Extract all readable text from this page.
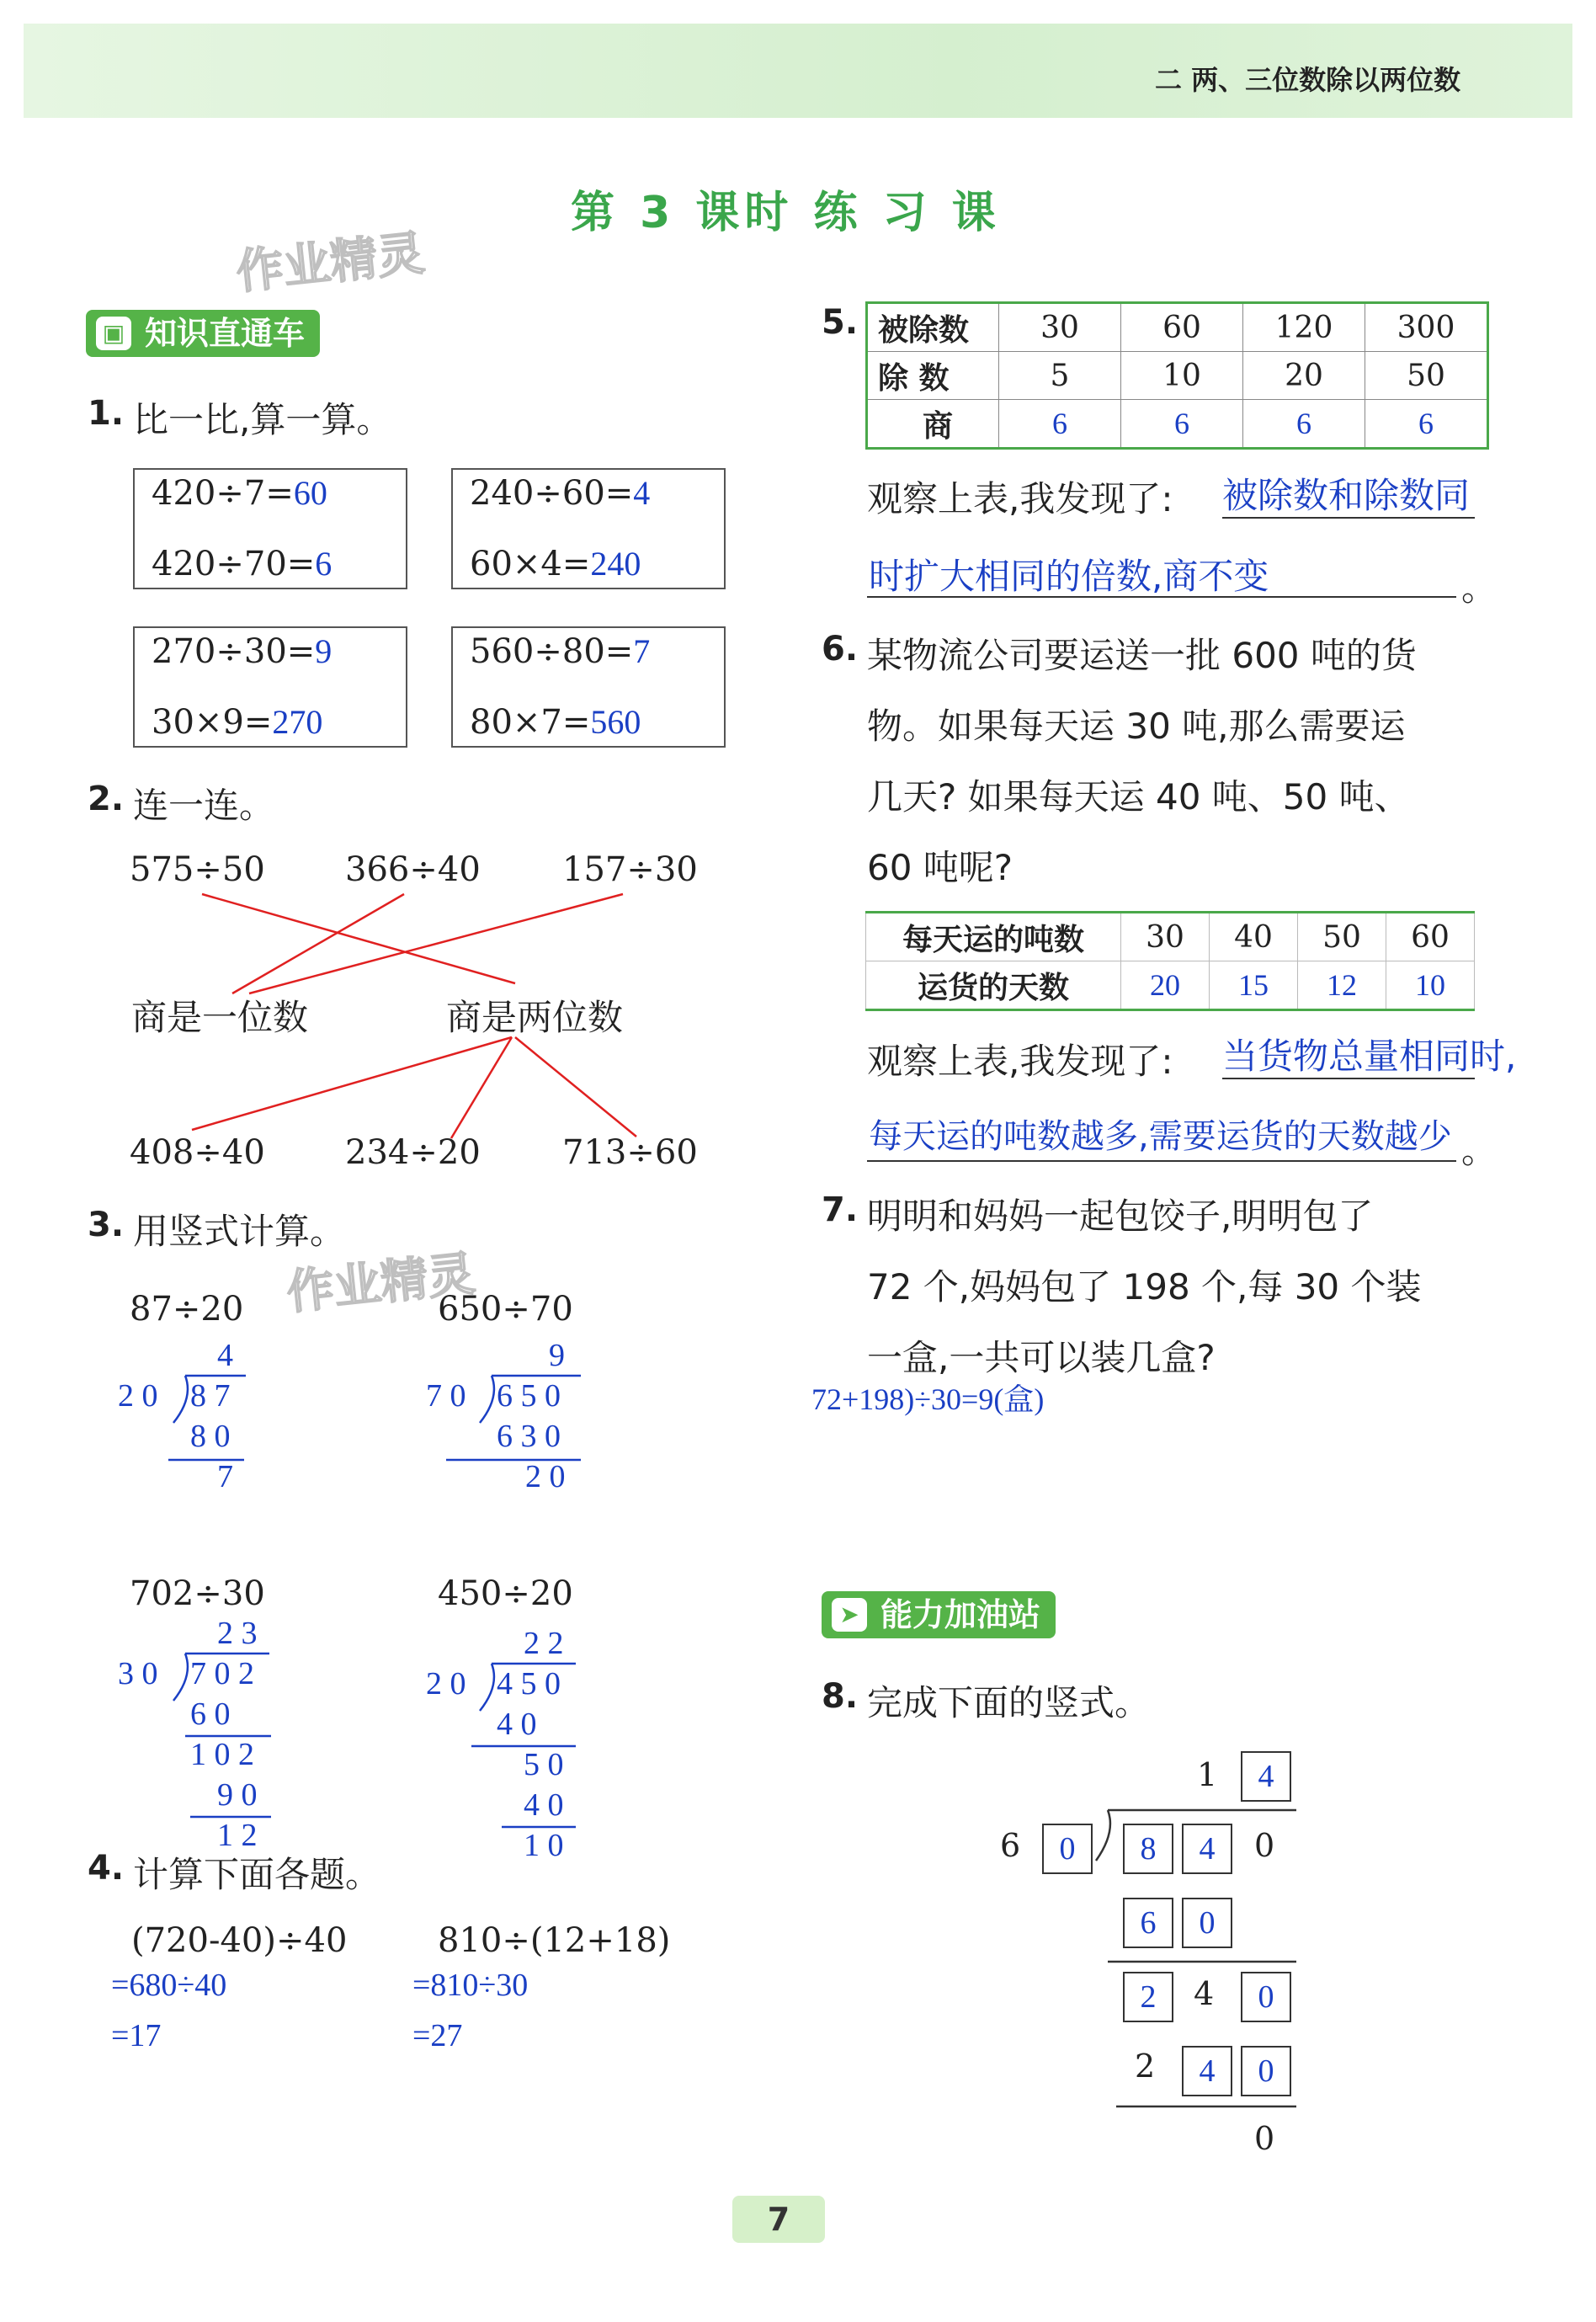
二 两、三位数除以两位数
第 3 课时 练 习 课
作业精灵
作业精灵
▣ 知识直通车
1. 比一比,算一算。
420÷7=60
420÷70=6
240÷60=4
60×4=240
270÷30=9
30×9=270
560÷80=7
80×7=560
2. 连一连。
575÷50 366÷40 157÷30
商是一位数	商是两位数
408÷40 234÷20 713÷60
3. 用竖式计算。
87÷20
4
2 0 8 7
8 0
7
650÷70
9
7 0 6 5 0
6 3 0
2 0
702÷30
2 3
3 0 7 0 2
6 0
1 0 2
9 0
1 2
450÷20
2 2
2 0 4 5 0
4 0
5 0
4 0
1 0
4. 计算下面各题。
(720-40)÷40
=680÷40
=17
810÷(12+18)
=810÷30
=27
5. 被除数	30	60	120	300
除 数	5	10	20	50
商	6	6	6	6
观察上表,我发现了: 被除数和除数同
时扩大相同的倍数,商不变	。
6. 某物流公司要运送一批 600 吨的货
物。如果每天运 30 吨,那么需要运
几天? 如果每天运 40 吨、50 吨、
60 吨呢?
每天运的吨数	30	40	50	60
运货的天数	20	15	12	10
观察上表,我发现了: 当货物总量相同时,
每天运的吨数越多,需要运货的天数越少 。
7. 明明和妈妈一起包饺子,明明包了
72 个,妈妈包了 198 个,每 30 个装
一盒,一共可以装几盒?
72+198)÷30=9(盒)
➤ 能力加油站
8. 完成下面的竖式。
1	4
6	0	8	4	0
6	0
2	4	0
2	4	0
0
7
